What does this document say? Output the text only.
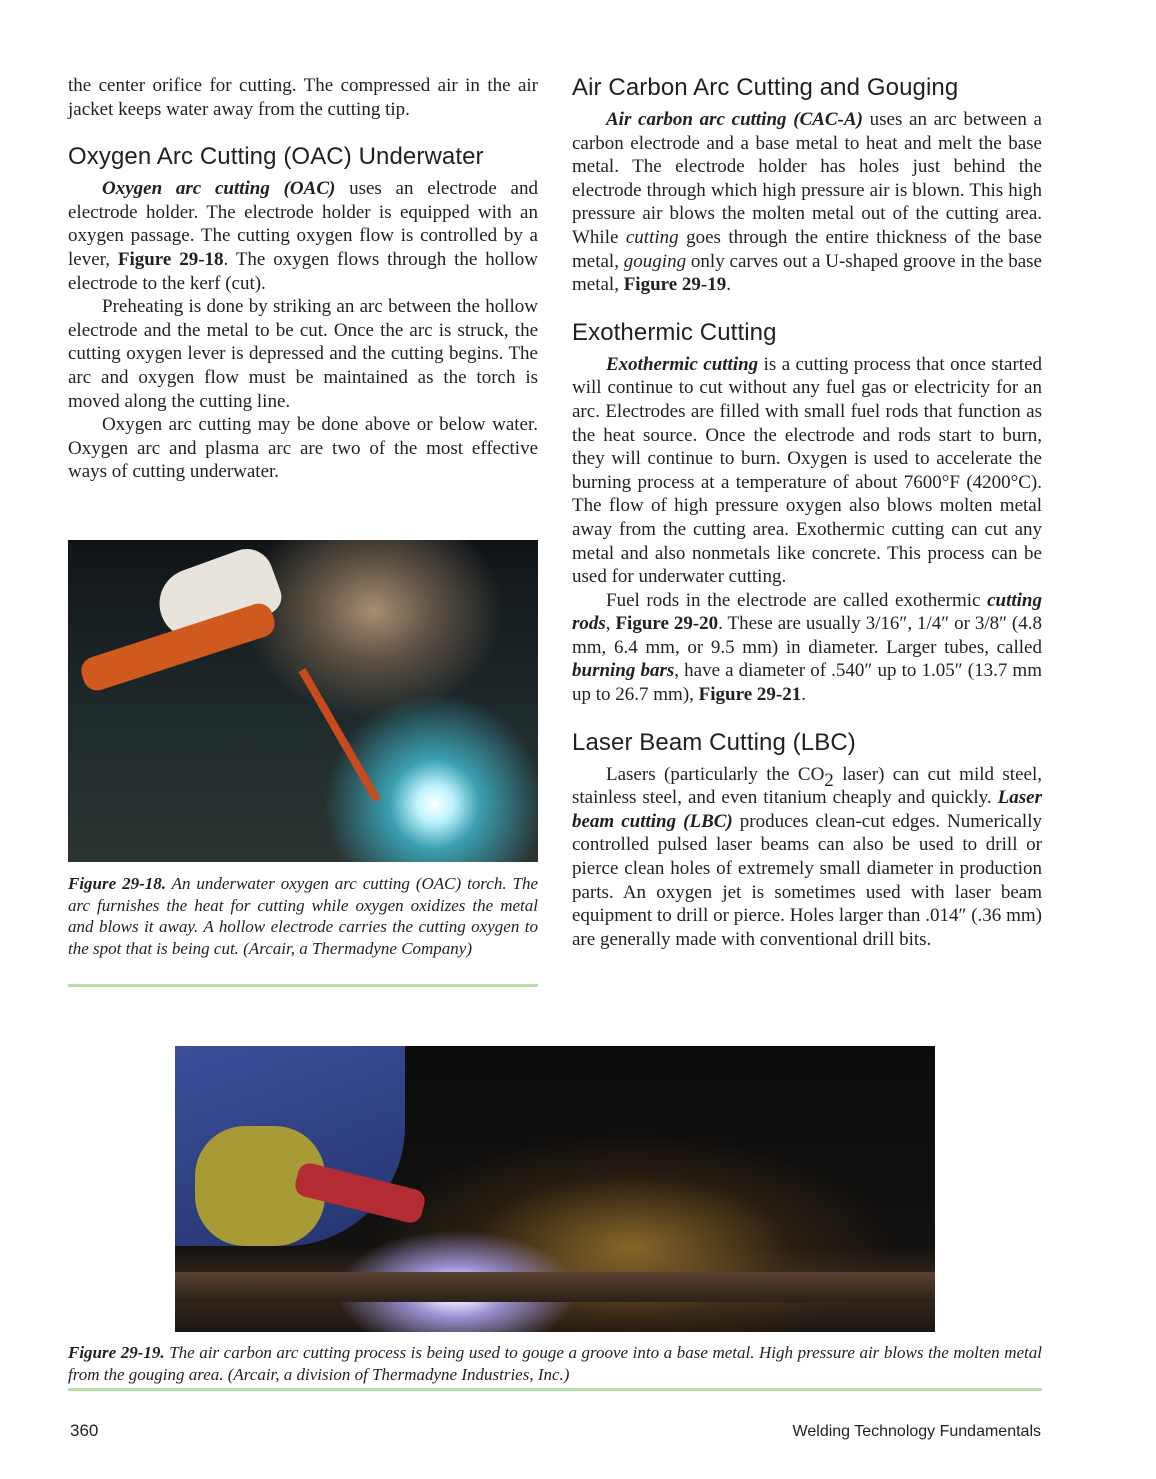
the center orifice for cutting. The compressed air in the air jacket keeps water away from the cutting tip.

Oxygen Arc Cutting (OAC) Underwater

Oxygen arc cutting (OAC) uses an electrode and electrode holder. The electrode holder is equipped with an oxygen passage. The cutting oxygen flow is controlled by a lever, Figure 29-18. The oxygen flows through the hollow electrode to the kerf (cut).

Preheating is done by striking an arc between the hollow electrode and the metal to be cut. Once the arc is struck, the cutting oxygen lever is depressed and the cutting begins. The arc and oxygen flow must be maintained as the torch is moved along the cutting line.

Oxygen arc cutting may be done above or below water. Oxygen arc and plasma arc are two of the most effective ways of cutting underwater.

Figure 29-18. An underwater oxygen arc cutting (OAC) torch. The arc furnishes the heat for cutting while oxygen oxidizes the metal and blows it away. A hollow electrode carries the cutting oxygen to the spot that is being cut. (Arcair, a Thermadyne Company)
Air Carbon Arc Cutting and Gouging

Air carbon arc cutting (CAC-A) uses an arc between a carbon electrode and a base metal to heat and melt the base metal. The electrode holder has holes just behind the electrode through which high pressure air is blown. This high pressure air blows the molten metal out of the cutting area. While cutting goes through the entire thickness of the base metal, gouging only carves out a U-shaped groove in the base metal, Figure 29-19.

Exothermic Cutting

Exothermic cutting is a cutting process that once started will continue to cut without any fuel gas or electricity for an arc. Electrodes are filled with small fuel rods that function as the heat source. Once the electrode and rods start to burn, they will continue to burn. Oxygen is used to accelerate the burning process at a temperature of about 7600°F (4200°C). The flow of high pressure oxygen also blows molten metal away from the cutting area. Exothermic cutting can cut any metal and also nonmetals like concrete. This process can be used for underwater cutting.

Fuel rods in the electrode are called exothermic cutting rods, Figure 29-20. These are usually 3/16″, 1/4″ or 3/8″ (4.8 mm, 6.4 mm, or 9.5 mm) in diameter. Larger tubes, called burning bars, have a diameter of .540″ up to 1.05″ (13.7 mm up to 26.7 mm), Figure 29-21.

Laser Beam Cutting (LBC)

Lasers (particularly the $CO_2$ laser) can cut mild steel, stainless steel, and even titanium cheaply and quickly. Laser beam cutting (LBC) produces clean-cut edges. Numerically controlled pulsed laser beams can also be used to drill or pierce clean holes of extremely small diameter in production parts. An oxygen jet is sometimes used with laser beam equipment to drill or pierce. Holes larger than .014″ (.36 mm) are generally made with conventional drill bits.

Figure 29-19. The air carbon arc cutting process is being used to gouge a groove into a base metal. High pressure air blows the molten metal from the gouging area. (Arcair, a division of Thermadyne Industries, Inc.)
360	Welding Technology Fundamentals
